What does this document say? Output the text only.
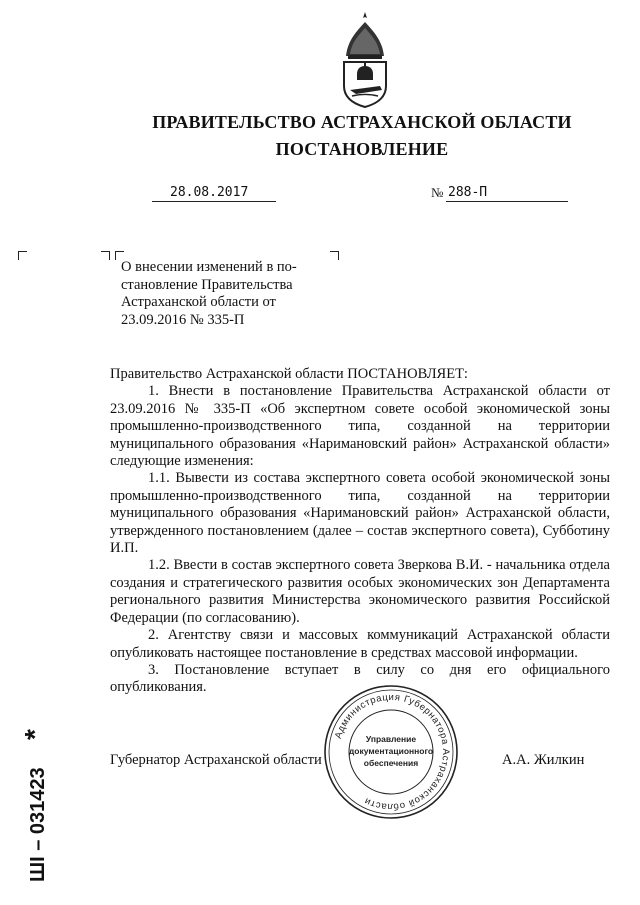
ПРАВИТЕЛЬСТВО АСТРАХАНСКОЙ ОБЛАСТИ
ПОСТАНОВЛЕНИЕ
28.08.2017	№ 288-П
О внесении изменений в по-
становление Правительства
Астраханской области от
23.09.2016 № 335-П

Правительство Астраханской области ПОСТАНОВЛЯЕТ:

1. Внести в постановление Правительства Астраханской области от 23.09.2016 № 335-П «Об экспертном совете особой экономической зоны промышленно-производственного типа, созданной на территории муниципального образования «Наримановский район» Астраханской области» следующие изменения:

1.1. Вывести из состава экспертного совета особой экономической зоны промышленно-производственного типа, созданной на территории муниципального образования «Наримановский район» Астраханской области, утвержденного постановлением (далее – состав экспертного совета), Субботину И.П.

1.2. Ввести в состав экспертного совета Зверкова В.И. - начальника отдела создания и стратегического развития особых экономических зон Департамента регионального развития Министерства экономического развития Российской Федерации (по согласованию).

2. Агентству связи и массовых коммуникаций Астраханской области опубликовать настоящее постановление в средствах массовой информации.

3. Постановление вступает в силу со дня его официального опубликования.

Губернатор Астраханской области	А.А. Жилкин
Администрация Губернатора Астраханской области
Управление
документационного
обеспечения
ШI – 031423
*
